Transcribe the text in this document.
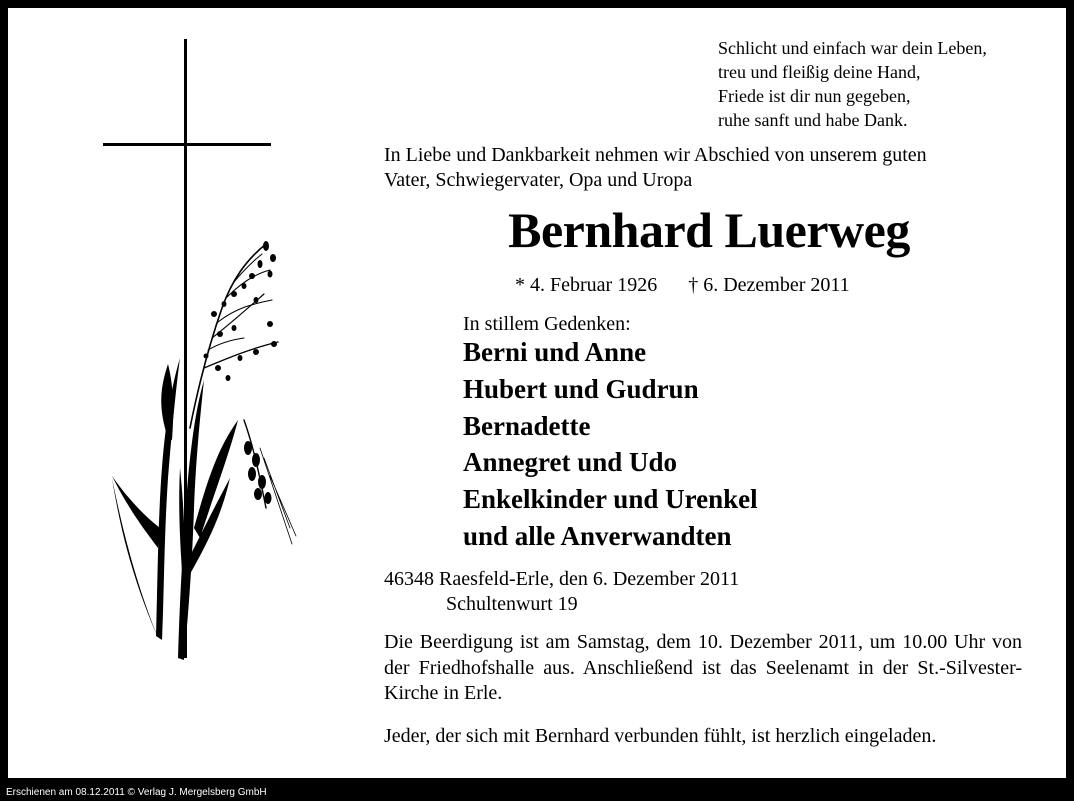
Schlicht und einfach war dein Leben,
treu und fleißig deine Hand,
Friede ist dir nun gegeben,
ruhe sanft und habe Dank.
In Liebe und Dankbarkeit nehmen wir Abschied von unserem guten
Vater, Schwiegervater, Opa und Uropa
Bernhard Luerweg
* 4. Februar 1926 † 6. Dezember 2011
In stillem Gedenken:
Berni und Anne
Hubert und Gudrun
Bernadette
Annegret und Udo
Enkelkinder und Urenkel
und alle Anverwandten
46348 Raesfeld-Erle, den 6. Dezember 2011
Schultenwurt 19
Die Beerdigung ist am Samstag, dem 10. Dezember 2011, um 10.00 Uhr von der Friedhofshalle aus. Anschließend ist das Seelenamt in der St.-Silvester-Kirche in Erle.
Jeder, der sich mit Bernhard verbunden fühlt, ist herzlich eingeladen.
Erschienen am 08.12.2011 © Verlag J. Mergelsberg GmbH
